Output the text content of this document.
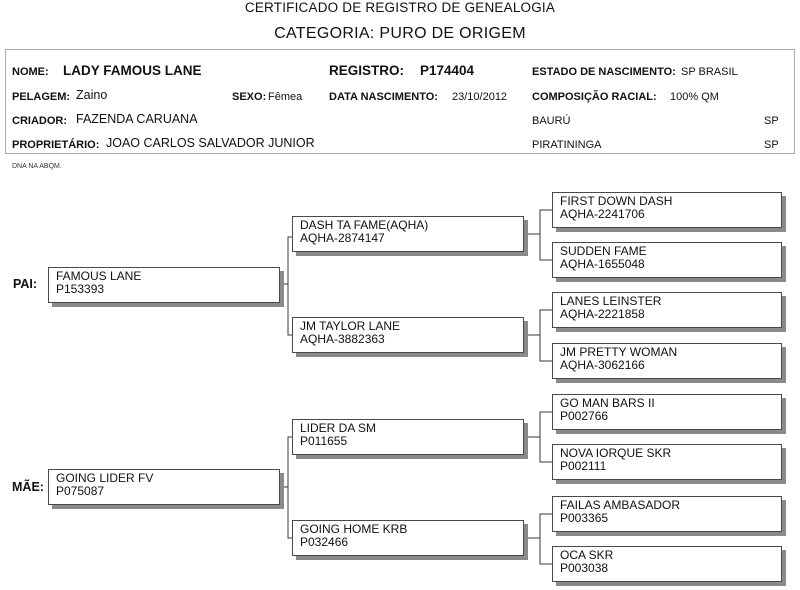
CERTIFICADO DE REGISTRO DE GENEALOGIA
CATEGORIA: PURO DE ORIGEM
NOME: LADY FAMOUS LANE	REGISTRO: P174404	ESTADO DE NASCIMENTO: SP BRASIL
PELAGEM: Zaino	SEXO: Fêmea DATA NASCIMENTO: 23/10/2012 COMPOSIÇÃO RACIAL: 100% QM
CRIADOR: FAZENDA CARUANA	BAURÚ	SP
PROPRIETÁRIO: JOAO CARLOS SALVADOR JUNIOR	PIRATININGA	SP
DNA NA ABQM.
PAI:
MÃE:
FAMOUS LANE
P153393
GOING LIDER FV
P075087
DASH TA FAME(AQHA)
AQHA-2874147
JM TAYLOR LANE
AQHA-3882363
LIDER DA SM
P011655
GOING HOME KRB
P032466
FIRST DOWN DASH
AQHA-2241706
SUDDEN FAME
AQHA-1655048
LANES LEINSTER
AQHA-2221858
JM PRETTY WOMAN
AQHA-3062166
GO MAN BARS II
P002766
NOVA IORQUE SKR
P002111
FAILAS AMBASADOR
P003365
OCA SKR
P003038
